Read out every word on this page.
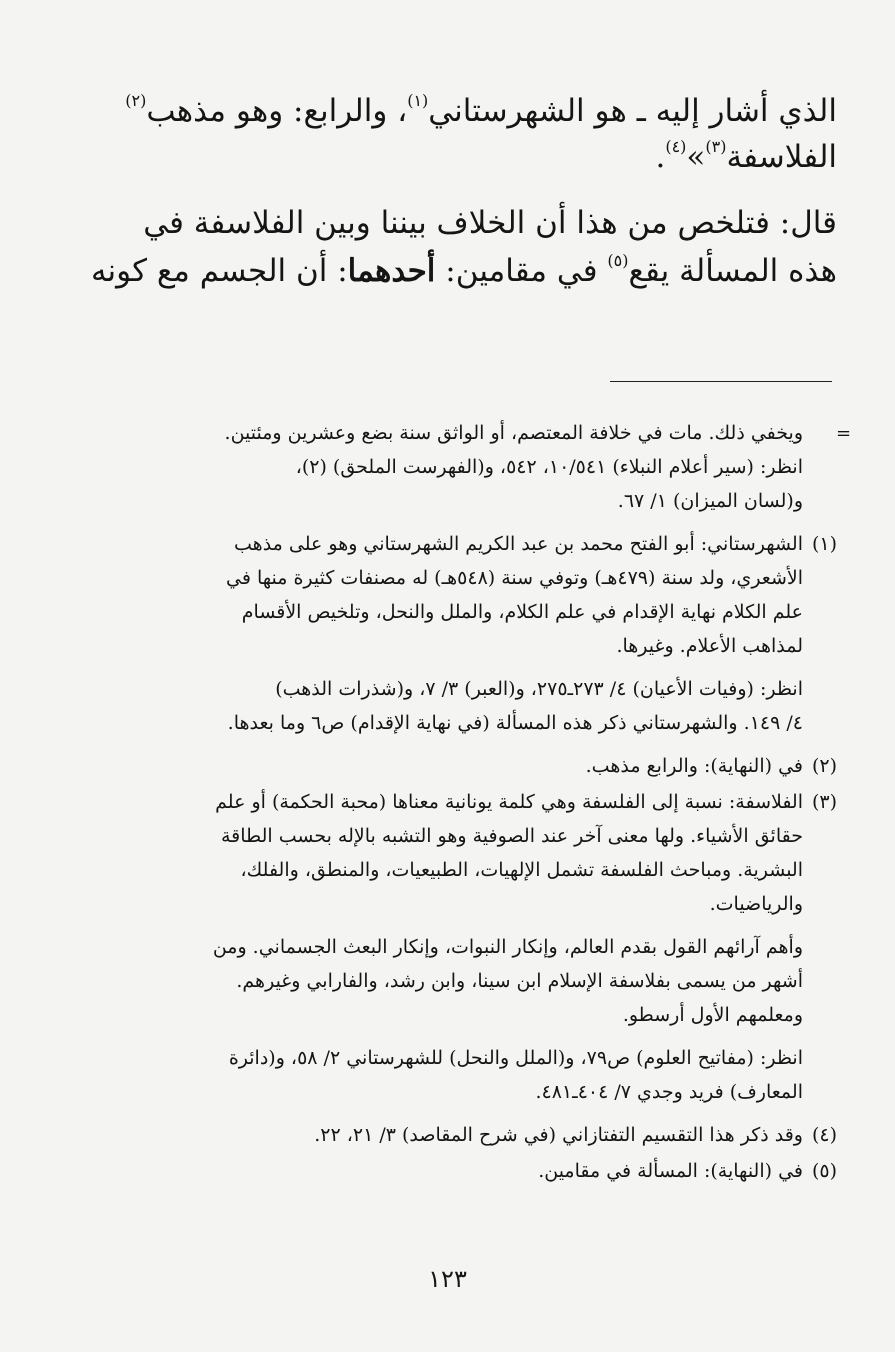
الذي أشار إليه ـ هو الشهرستاني$^{(١)}$، والرابع: وهو مذهب$^{(٢)}$
الفلاسفة$^{(٣)}$»$^{(٤)}$.
قال: فتلخص من هذا أن الخلاف بيننا وبين الفلاسفة في
هذه المسألة يقع$^{(٥)}$ في مقامين: أحدهما: أن الجسم مع كونه
=
ويخفي ذلك. مات في خلافة المعتصم، أو الواثق سنة بضع وعشرين ومئتين.
انظر: (سير أعلام النبلاء) ١٠/٥٤١، ٥٤٢، و(الفهرست الملحق) (٢)،
و(لسان الميزان) ١/ ٦٧.
(١)
الشهرستاني: أبو الفتح محمد بن عبد الكريم الشهرستاني وهو على مذهب
الأشعري، ولد سنة (٤٧٩هـ) وتوفي سنة (٥٤٨هـ) له مصنفات كثيرة منها في
علم الكلام نهاية الإقدام في علم الكلام، والملل والنحل، وتلخيص الأقسام
لمذاهب الأعلام. وغيرها.
انظر: (وفيات الأعيان) ٤/ ٢٧٣ـ٢٧٥، و(العبر) ٣/ ٧، و(شذرات الذهب)
٤/ ١٤٩. والشهرستاني ذكر هذه المسألة (في نهاية الإقدام) ص٦ وما بعدها.
(٢)
في (النهاية): والرابع مذهب.
(٣)
الفلاسفة: نسبة إلى الفلسفة وهي كلمة يونانية معناها (محبة الحكمة) أو علم
حقائق الأشياء. ولها معنى آخر عند الصوفية وهو التشبه بالإله بحسب الطاقة
البشرية. ومباحث الفلسفة تشمل الإلهيات، الطبيعيات، والمنطق، والفلك،
والرياضيات.
وأهم آرائهم القول بقدم العالم، وإنكار النبوات، وإنكار البعث الجسماني. ومن
أشهر من يسمى بفلاسفة الإسلام ابن سينا، وابن رشد، والفارابي وغيرهم.
ومعلمهم الأول أرسطو.
انظر: (مفاتيح العلوم) ص٧٩، و(الملل والنحل) للشهرستاني ٢/ ٥٨، و(دائرة
المعارف) فريد وجدي ٧/ ٤٠٤ـ٤٨١.
(٤)
وقد ذكر هذا التقسيم التفتازاني (في شرح المقاصد) ٣/ ٢١، ٢٢.
(٥)
في (النهاية): المسألة في مقامين.
١٢٣
